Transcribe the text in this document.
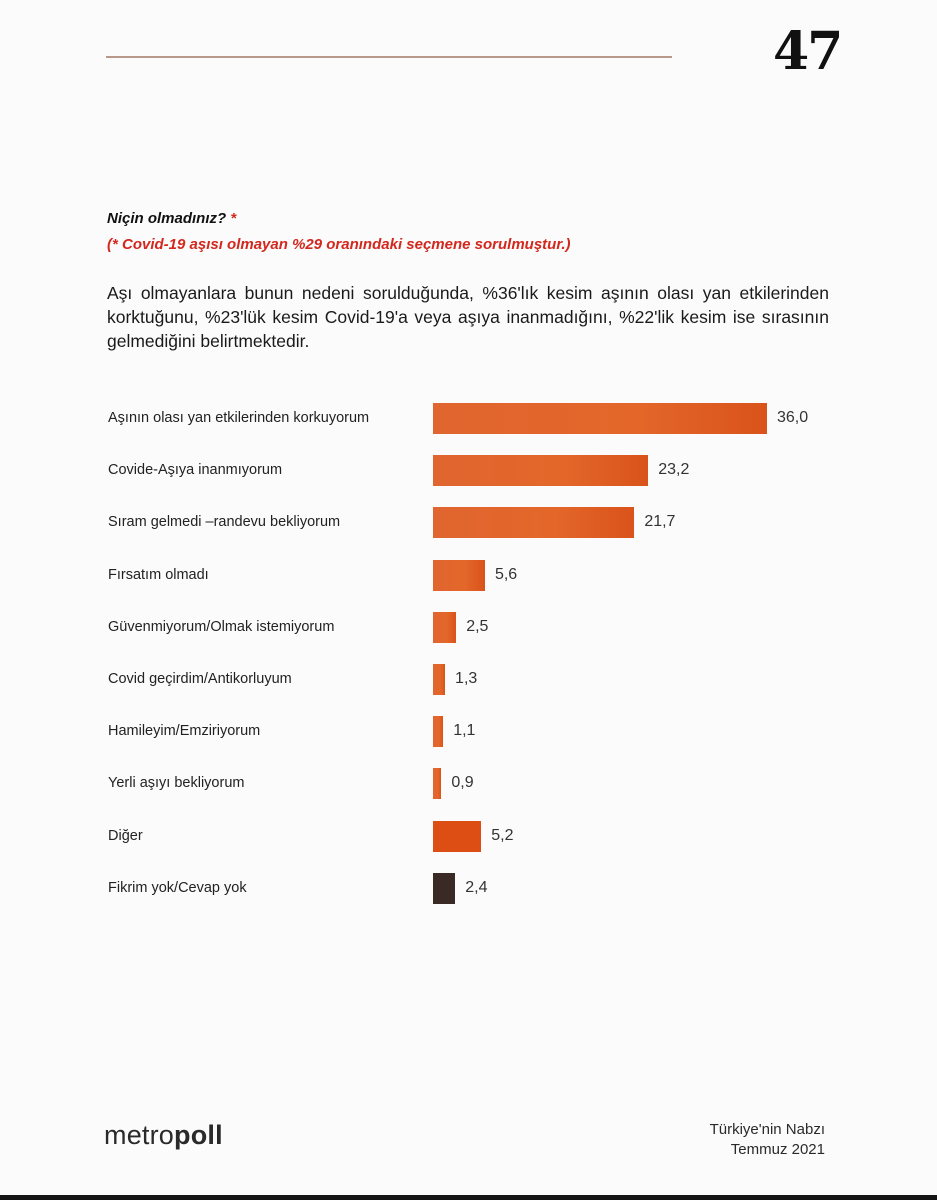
47
Niçin olmadınız? *
(* Covid-19 aşısı olmayan %29 oranındaki seçmene sorulmuştur.)
Aşı olmayanlara bunun nedeni sorulduğunda, %36'lık kesim aşının olası yan etkilerinden korktuğunu, %23'lük kesim Covid-19'a veya aşıya inanmadığını, %22'lik kesim ise sırasının gelmediğini belirtmektedir.
Aşının olası yan etkilerinden korkuyorum	36,0
Covide-Aşıya inanmıyorum	23,2
Sıram gelmedi –randevu bekliyorum	21,7
Fırsatım olmadı	5,6
Güvenmiyorum/Olmak istemiyorum	2,5
Covid geçirdim/Antikorluyum	1,3
Hamileyim/Emziriyorum	1,1
Yerli aşıyı bekliyorum	0,9
Diğer	5,2
Fikrim yok/Cevap yok	2,4
metropoll	Türkiye'nin Nabzı
Temmuz 2021
